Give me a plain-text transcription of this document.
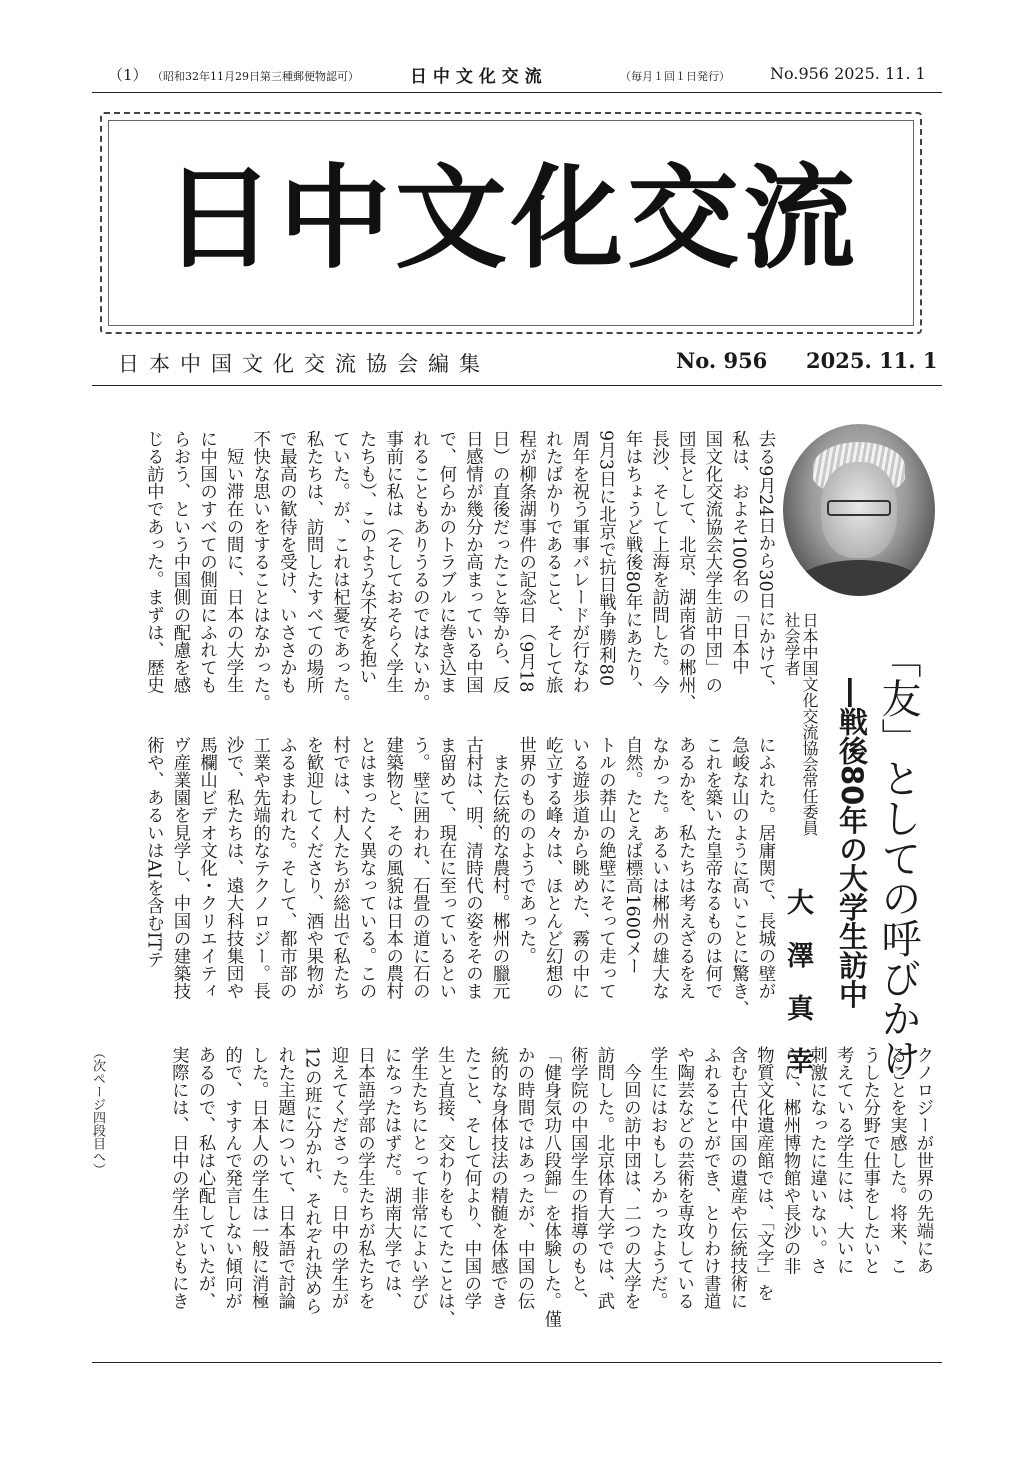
（1） （昭和32年11月29日第三種郵便物認可）	日 中 文 化 交 流	（毎月１回１日発行）	No.956 2025. 11. 1
日中文化交流
日本中国文化交流協会編集	No. 956 2025. 11. 1
「友」としての呼びかけ
―戦後80年の大学生訪中
日本中国文化交流協会常任委員
社会学者
大澤真幸
去る9月24日から30日にかけて、
私は、およそ100名の「日本中
国文化交流協会大学生訪中団」の
団長として、北京、湖南省の郴州、
長沙、そして上海を訪問した。今
年はちょうど戦後80年にあたり、
9月3日に北京で抗日戦争勝利80
周年を祝う軍事パレードが行なわ
れたばかりであること、そして旅
程が柳条湖事件の記念日（9月18
日）の直後だったこと等から、反
日感情が幾分か高まっている中国
で、何らかのトラブルに巻き込ま
れることもありうるのではないか。
事前に私は（そしておそらく学生
たちも）、このような不安を抱い
ていた。が、これは杞憂であった。
私たちは、訪問したすべての場所
で最高の歓待を受け、いささかも
不快な思いをすることはなかった。
　短い滞在の間に、日本の大学生
に中国のすべての側面にふれても
らおう、という中国側の配慮を感
じる訪中であった。まずは、歴史
にふれた。居庸関で、長城の壁が
急峻な山のように高いことに驚き、
これを築いた皇帝なるものは何で
あるかを、私たちは考えざるをえ
なかった。あるいは郴州の雄大な
自然。たとえば標高1600メー
トルの莽山の絶壁にそって走って
いる遊歩道から眺めた、霧の中に
屹立する峰々は、ほとんど幻想の
世界のもののようであった。
　また伝統的な農村。郴州の臘元
古村は、明、清時代の姿をそのま
ま留めて、現在に至っているとい
う。壁に囲われ、石畳の道に石の
建築物と、その風貌は日本の農村
とはまったく異なっている。この
村では、村人たちが総出で私たち
を歓迎してくださり、酒や果物が
ふるまわれた。そして、都市部の
工業や先端的なテクノロジー。長
沙で、私たちは、遠大科技集団や
馬欄山ビデオ文化・クリエイティ
ヴ産業園を見学し、中国の建築技
術や、あるいはAIを含むITテ
クノロジーが世界の先端にあ
ることを実感した。将来、こ
うした分野で仕事をしたいと
考えている学生には、大いに
刺激になったに違いない。さ
らに、郴州博物館や長沙の非
物質文化遺産館では、「文字」を
含む古代中国の遺産や伝統技術に
ふれることができ、とりわけ書道
や陶芸などの芸術を専攻している
学生にはおもしろかったようだ。
　今回の訪中団は、二つの大学を
訪問した。北京体育大学では、武
術学院の中国学生の指導のもと、
「健身気功八段錦」を体験した。僅
かの時間ではあったが、中国の伝
統的な身体技法の精髄を体感でき
たこと、そして何より、中国の学
生と直接、交わりをもてたことは、
学生たちにとって非常によい学び
になったはずだ。湖南大学では、
日本語学部の学生たちが私たちを
迎えてくださった。日中の学生が
12の班に分かれ、それぞれ決めら
れた主題について、日本語で討論
した。日本人の学生は一般に消極
的で、すすんで発言しない傾向が
あるので、私は心配していたが、
実際には、日中の学生がともにき
（次ページ四段目へ）
